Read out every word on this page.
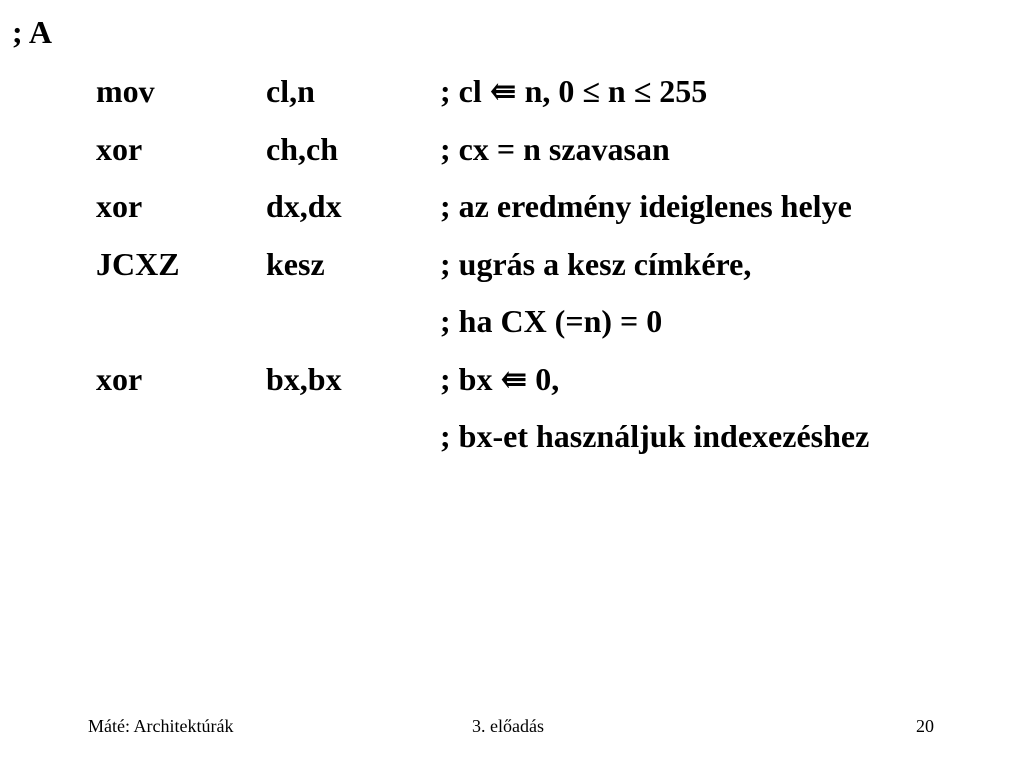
; A
mov	cl,n	; cl ⇚ n, 0 ≤ n ≤ 255
xor	ch,ch	; cx = n szavasan
xor	dx,dx	; az eredmény ideiglenes helye
JCXZ	kesz	; ugrás a kesz címkére,
; ha CX (=n) = 0
xor	bx,bx	; bx ⇚ 0,
; bx-et használjuk indexezéshez
Máté: Architektúrák	3. előadás	20
